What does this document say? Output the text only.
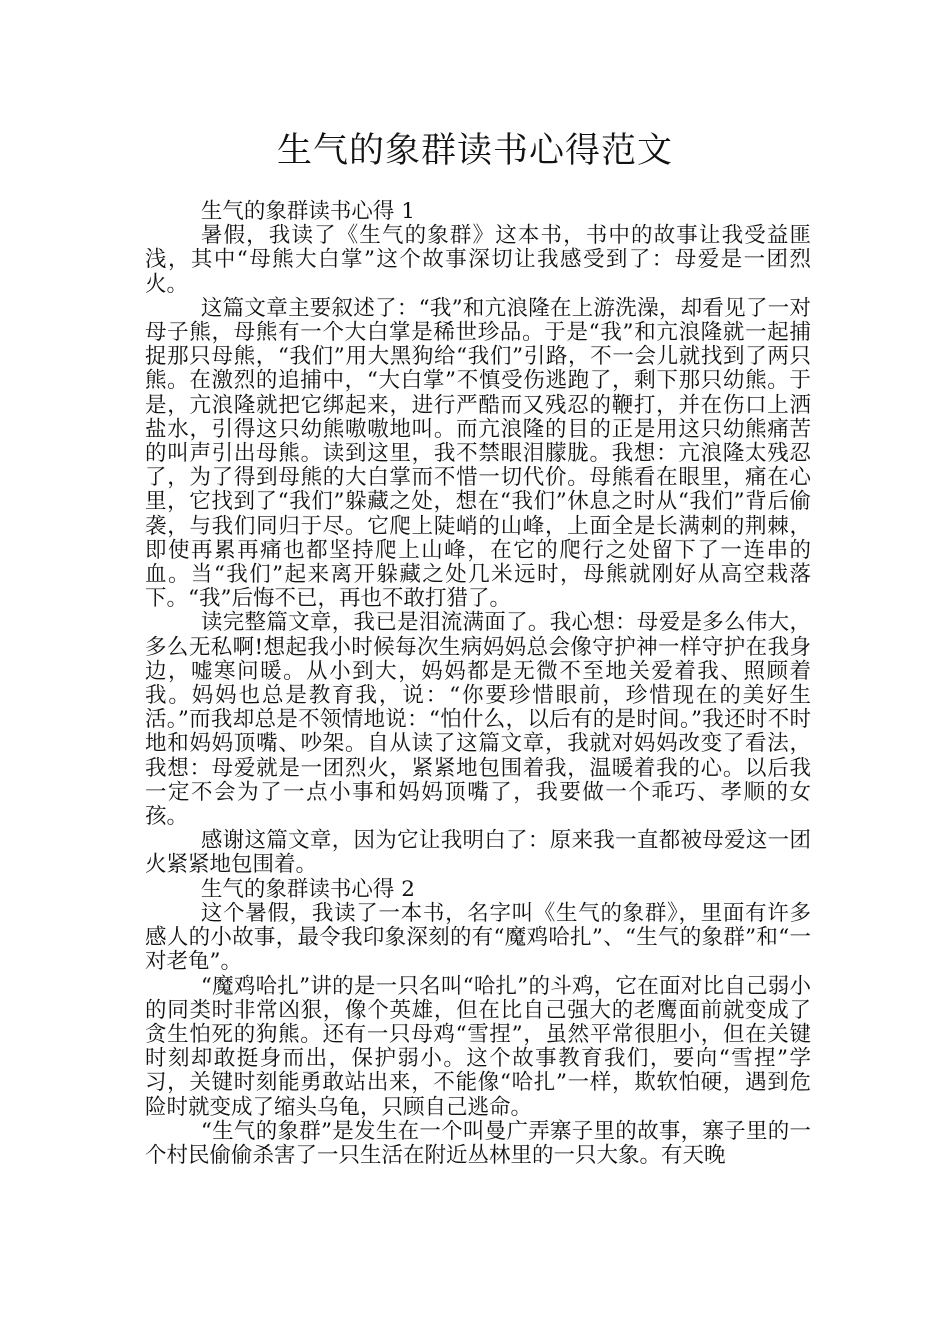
生气的象群读书心得范文

生气的象群读书心得 1

暑假，我读了《生气的象群》这本书，书中的故事让我受益匪浅，其中“母熊大白掌”这个故事深切让我感受到了：母爱是一团烈火。

这篇文章主要叙述了：“我”和亢浪隆在上游洗澡，却看见了一对母子熊，母熊有一个大白掌是稀世珍品。于是“我”和亢浪隆就一起捕捉那只母熊，“我们”用大黑狗给“我们”引路，不一会儿就找到了两只熊。在激烈的追捕中，“大白掌”不慎受伤逃跑了，剩下那只幼熊。于是，亢浪隆就把它绑起来，进行严酷而又残忍的鞭打，并在伤口上洒盐水，引得这只幼熊嗷嗷地叫。而亢浪隆的目的正是用这只幼熊痛苦的叫声引出母熊。读到这里，我不禁眼泪朦胧。我想：亢浪隆太残忍了，为了得到母熊的大白掌而不惜一切代价。母熊看在眼里，痛在心里，它找到了“我们”躲藏之处，想在“我们”休息之时从“我们”背后偷袭，与我们同归于尽。它爬上陡峭的山峰，上面全是长满刺的荆棘，即使再累再痛也都坚持爬上山峰，在它的爬行之处留下了一连串的血。当“我们”起来离开躲藏之处几米远时，母熊就刚好从高空栽落下。“我”后悔不已，再也不敢打猎了。

读完整篇文章，我已是泪流满面了。我心想：母爱是多么伟大，多么无私啊!想起我小时候每次生病妈妈总会像守护神一样守护在我身边，嘘寒问暖。从小到大，妈妈都是无微不至地关爱着我、照顾着我。妈妈也总是教育我，说：“你要珍惜眼前，珍惜现在的美好生活。”而我却总是不领情地说：“怕什么，以后有的是时间。”我还时不时地和妈妈顶嘴、吵架。自从读了这篇文章，我就对妈妈改变了看法，我想：母爱就是一团烈火，紧紧地包围着我，温暖着我的心。以后我一定不会为了一点小事和妈妈顶嘴了，我要做一个乖巧、孝顺的女孩。

感谢这篇文章，因为它让我明白了：原来我一直都被母爱这一团火紧紧地包围着。

生气的象群读书心得 2

这个暑假，我读了一本书，名字叫《生气的象群》，里面有许多感人的小故事，最令我印象深刻的有“魔鸡哈扎”、“生气的象群”和“一对老龟”。

“魔鸡哈扎”讲的是一只名叫“哈扎”的斗鸡，它在面对比自己弱小的同类时非常凶狠，像个英雄，但在比自己强大的老鹰面前就变成了贪生怕死的狗熊。还有一只母鸡“雪捏”，虽然平常很胆小，但在关键时刻却敢挺身而出，保护弱小。这个故事教育我们，要向“雪捏”学习，关键时刻能勇敢站出来，不能像“哈扎”一样，欺软怕硬，遇到危险时就变成了缩头乌龟，只顾自己逃命。

“生气的象群”是发生在一个叫曼广弄寨子里的故事，寨子里的一个村民偷偷杀害了一只生活在附近丛林里的一只大象。有天晚
